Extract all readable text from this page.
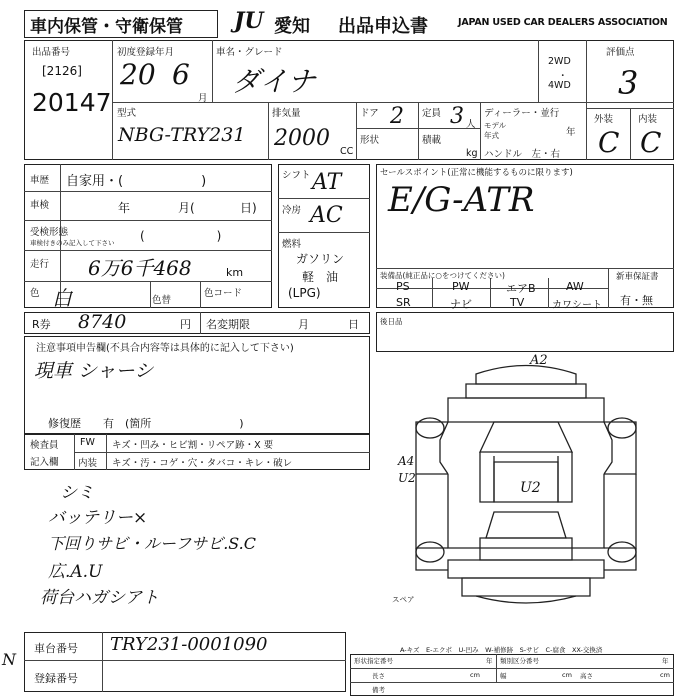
車内保管・守衛保管 JU 愛知 出品申込書	JAPAN USED CAR DEALERS ASSOCIATION
出品番号
[2126]
20147
初度登録年月
20 6
月
車名・グレード
ダイナ
2WD
・
4WD
評価点
3
型式
NBG-TRY231
排気量
2000
CC
ドア 2 定員 3 人
形状	積載
kg
ディーラー・並行
モデル
年
年式
ハンドル　左・右
外装	内装
C C
車歴 自家用・(　　　　　　)
車検	年	月(	日)
受検形態
車検付きのみ記入して下さい (　　　　　　)
走行 6万6千468	km
色 白	色替
色コード
シフト AT
冷房 AC
燃料
ガソリン
軽　油
(LPG)
セールスポイント(正常に機能するものに限ります)
E/G-ATR
装備品(純正品に○をつけてください)
PS	PW	エアB	AW
SR	ナビ	TV	カワシート
新車保証書
有・無
R券 8740	円 名変期限	月	日	後日品
注意事項申告欄(不具合内容等は具体的に記入して下さい)
現車 シャーシ
修復歴　　有　(箇所　　　　　　　　)
検査員
記入欄
FW キズ・凹み・ヒビ割・リペア跡・X 要
内装 キズ・汚・コゲ・穴・タバコ・キレ・破レ
シミ
バッテリー×
下回りサビ・ルーフサビ.S.C
広.A.U
荷台ハガシアト
A2
A4
U2
U2
スペア
A-キズ　E-エクボ　U-凹み　W-補修跡　S-サビ　C-腐食　XX-交換済
車台番号 TRY231-0001090
登録番号
形状指定番号	年 類別区分番号	年
長さ	cm	幅	cm 高さ	cm
備考
N
